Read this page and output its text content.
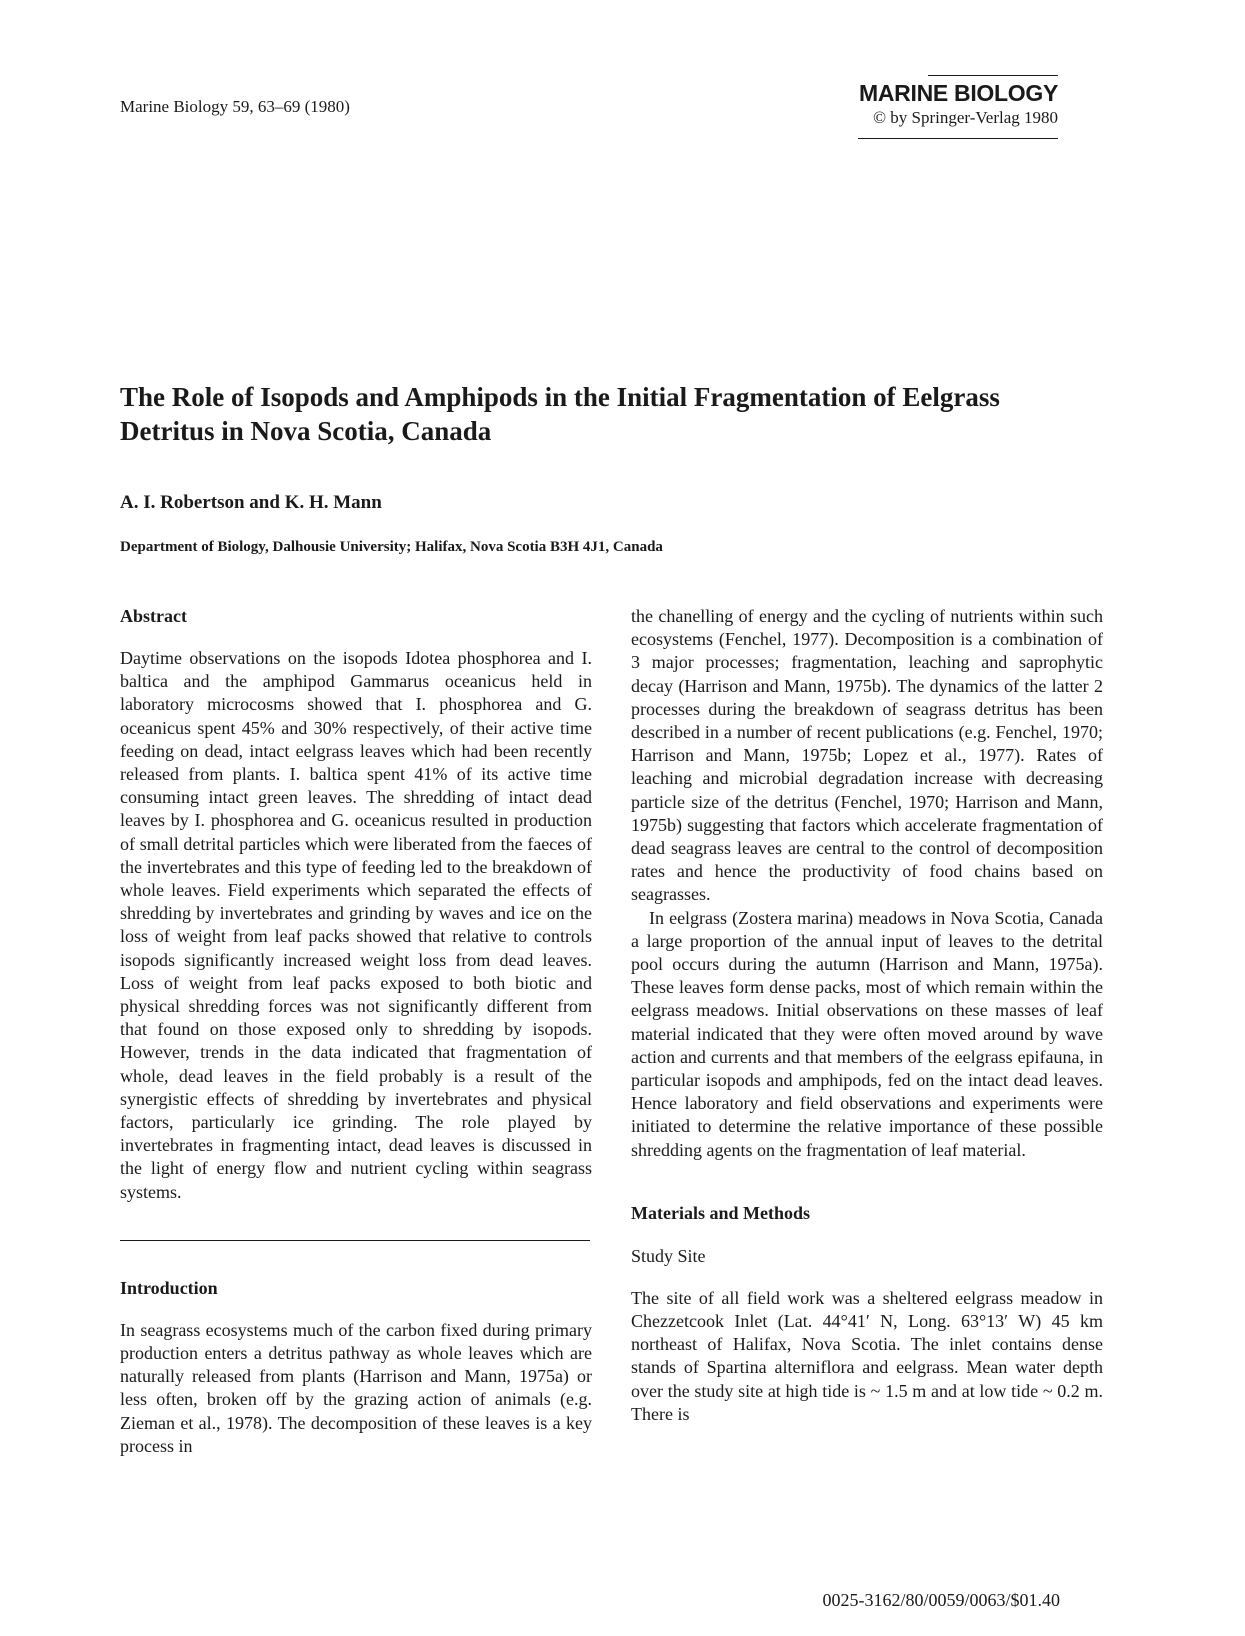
Marine Biology 59, 63–69 (1980)
MARINE BIOLOGY
© by Springer-Verlag 1980
The Role of Isopods and Amphipods in the Initial Fragmentation of Eelgrass Detritus in Nova Scotia, Canada
A. I. Robertson and K. H. Mann
Department of Biology, Dalhousie University; Halifax, Nova Scotia B3H 4J1, Canada
Abstract

Daytime observations on the isopods Idotea phosphorea and I. baltica and the amphipod Gammarus oceanicus held in laboratory microcosms showed that I. phosphorea and G. oceanicus spent 45% and 30% respectively, of their active time feeding on dead, intact eelgrass leaves which had been recently released from plants. I. baltica spent 41% of its active time consuming intact green leaves. The shredding of intact dead leaves by I. phosphorea and G. oceanicus resulted in production of small detrital particles which were liberated from the faeces of the invertebrates and this type of feeding led to the breakdown of whole leaves. Field experiments which separated the effects of shredding by invertebrates and grinding by waves and ice on the loss of weight from leaf packs showed that relative to controls isopods significantly increased weight loss from dead leaves. Loss of weight from leaf packs exposed to both biotic and physical shredding forces was not significantly different from that found on those exposed only to shredding by isopods. However, trends in the data indicated that fragmentation of whole, dead leaves in the field probably is a result of the synergistic effects of shredding by invertebrates and physical factors, particularly ice grinding. The role played by invertebrates in fragmenting intact, dead leaves is discussed in the light of energy flow and nutrient cycling within seagrass systems.

Introduction

In seagrass ecosystems much of the carbon fixed during primary production enters a detritus pathway as whole leaves which are naturally released from plants (Harrison and Mann, 1975a) or less often, broken off by the grazing action of animals (e.g. Zieman et al., 1978). The decomposition of these leaves is a key process in

the chanelling of energy and the cycling of nutrients within such ecosystems (Fenchel, 1977). Decomposition is a combination of 3 major processes; fragmentation, leaching and saprophytic decay (Harrison and Mann, 1975b). The dynamics of the latter 2 processes during the breakdown of seagrass detritus has been described in a number of recent publications (e.g. Fenchel, 1970; Harrison and Mann, 1975b; Lopez et al., 1977). Rates of leaching and microbial degradation increase with decreasing particle size of the detritus (Fenchel, 1970; Harrison and Mann, 1975b) suggesting that factors which accelerate fragmentation of dead seagrass leaves are central to the control of decomposition rates and hence the productivity of food chains based on seagrasses.

In eelgrass (Zostera marina) meadows in Nova Scotia, Canada a large proportion of the annual input of leaves to the detrital pool occurs during the autumn (Harrison and Mann, 1975a). These leaves form dense packs, most of which remain within the eelgrass meadows. Initial observations on these masses of leaf material indicated that they were often moved around by wave action and currents and that members of the eelgrass epifauna, in particular isopods and amphipods, fed on the intact dead leaves. Hence laboratory and field observations and experiments were initiated to determine the relative importance of these possible shredding agents on the fragmentation of leaf material.

Materials and Methods
Study Site

The site of all field work was a sheltered eelgrass meadow in Chezzetcook Inlet (Lat. 44°41′ N, Long. 63°13′ W) 45 km northeast of Halifax, Nova Scotia. The inlet contains dense stands of Spartina alterniflora and eelgrass. Mean water depth over the study site at high tide is ~ 1.5 m and at low tide ~ 0.2 m. There is

0025-3162/80/0059/0063/$01.40
